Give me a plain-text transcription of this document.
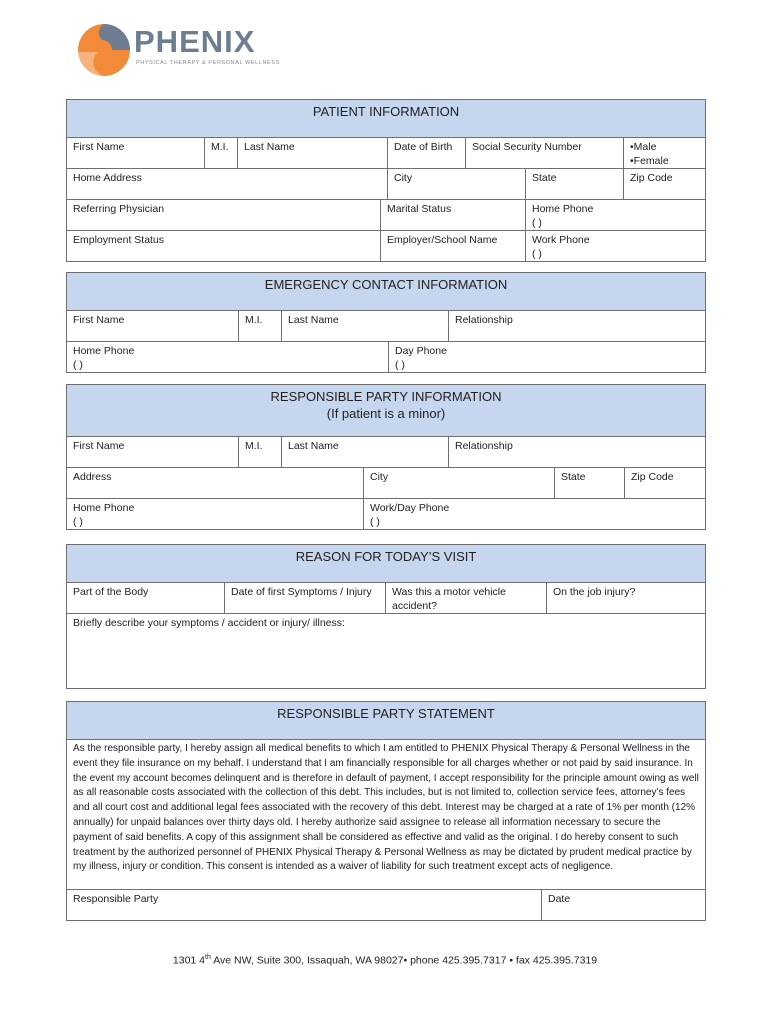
PHENIX
PHYSICAL THERAPY & PERSONAL WELLNESS
PATIENT INFORMATION							
First Name	M.I.	Last Name		Date of Birth	Social Security Number		•Male
•Female

Home Address				City		State	Zip Code
Referring Physician			Marital Status			Home Phone
( )	

Employment Status			Employer/School Name			Work Phone
( )	
EMERGENCY CONTACT INFORMATION				
First Name	M.I.	Last Name		Relationship
Home Phone
( )			Day Phone
( )	
RESPONSIBLE PARTY INFORMATION
(If patient is a minor)						
First Name	M.I.	Last Name		Relationship		
Address			City		State	Zip Code
Home Phone
( )			Work/Day Phone
( )			
REASON FOR TODAY’S VISIT
Part of the Body	Date of first Symptoms / Injury	Was this a motor vehicle accident?	On the job injury?
Briefly describe your symptoms / accident or injury/ illness:
RESPONSIBLE PARTY STATEMENT
As the responsible party, I hereby assign all medical benefits to which I am entitled to PHENIX Physical Therapy & Personal Wellness in the event they file insurance on my behalf. I understand that I am financially responsible for all charges whether or not paid by said insurance. In the event my account becomes delinquent and is therefore in default of payment, I accept responsibility for the principle amount owing as well as all reasonable costs associated with the collection of this debt. This includes, but is not limited to, collection service fees, attorney’s fees and all court cost and additional legal fees associated with the recovery of this debt. Interest may be charged at a rate of 1% per month (12% annually) for unpaid balances over thirty days old. I hereby authorize said assignee to release all information necessary to secure the payment of said benefits. A copy of this assignment shall be considered as effective and valid as the original. I do hereby consent to such treatment by the authorized personnel of PHENIX Physical Therapy & Personal Wellness as may be dictated by prudent medical practice by my illness, injury or condition. This consent is intended as a waiver of liability for such treatment except acts of negligence.
Responsible Party	Date
1301 4th Ave NW, Suite 300, Issaquah, WA 98027• phone 425.395.7317 • fax 425.395.7319
